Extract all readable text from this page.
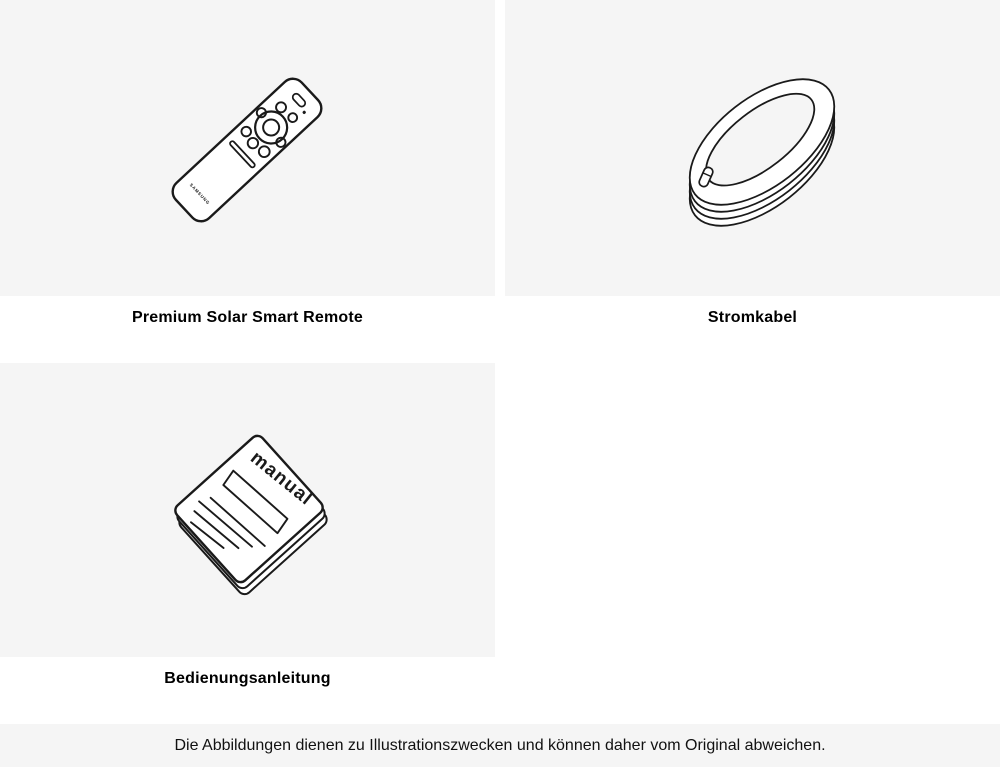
SAMSUNG
manual
Premium Solar Smart Remote	Stromkabel
Bedienungsanleitung
Die Abbildungen dienen zu Illustrationszwecken und können daher vom Original abweichen.
